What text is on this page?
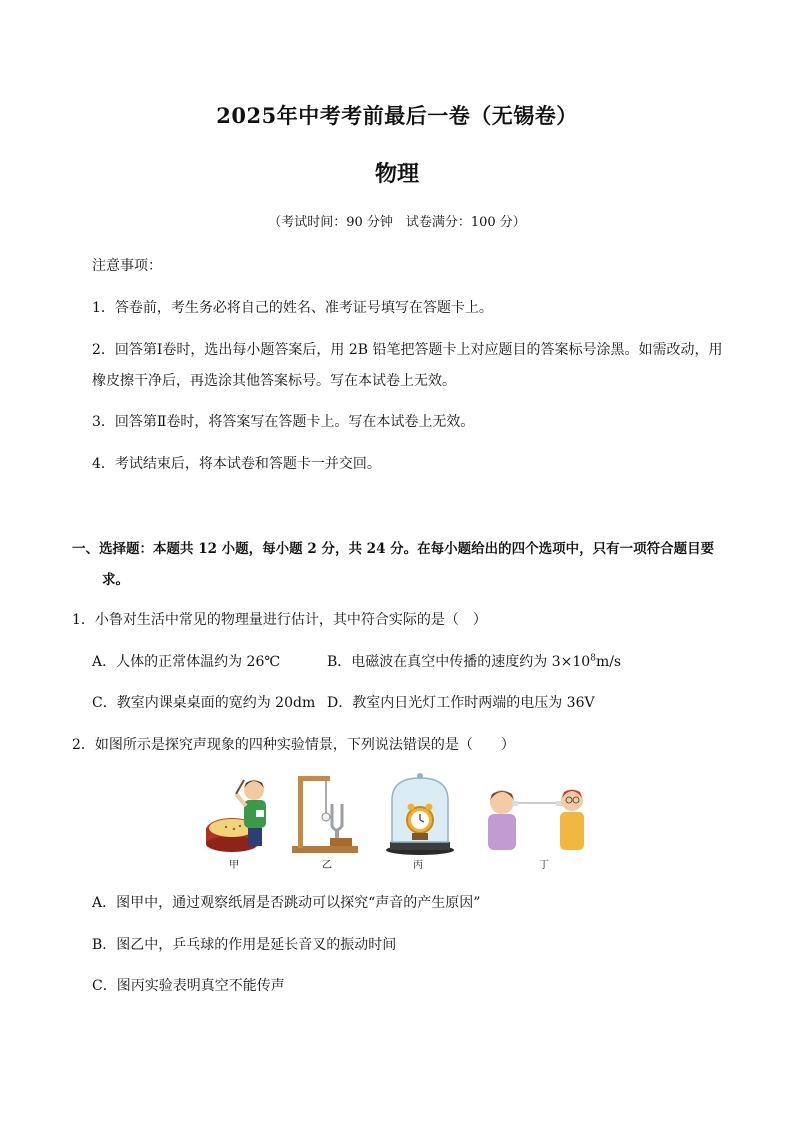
2025年中考考前最后一卷（无锡卷）
物理
（考试时间：90 分钟　试卷满分：100 分）
注意事项：
1．答卷前，考生务必将自己的姓名、准考证号填写在答题卡上。
2．回答第Ⅰ卷时，选出每小题答案后，用 2B 铅笔把答题卡上对应题目的答案标号涂黑。如需改动，用
橡皮擦干净后，再选涂其他答案标号。写在本试卷上无效。
3．回答第Ⅱ卷时，将答案写在答题卡上。写在本试卷上无效。
4．考试结束后，将本试卷和答题卡一并交回。
一、选择题：本题共 12 小题，每小题 2 分，共 24 分。在每小题给出的四个选项中，只有一项符合题目要
求。
1．小鲁对生活中常见的物理量进行估计，其中符合实际的是（　）
A．人体的正常体温约为 26℃	B．电磁波在真空中传播的速度约为 $3\times 10^8m/s$
C．教室内课桌桌面的宽约为 20dm D．教室内日光灯工作时两端的电压为 36V
2．如图所示是探究声现象的四种实验情景，下列说法错误的是（　　）
甲	乙	丙	丁
A．图甲中，通过观察纸屑是否跳动可以探究“声音的产生原因”
B．图乙中，乒乓球的作用是延长音叉的振动时间
C．图丙实验表明真空不能传声
